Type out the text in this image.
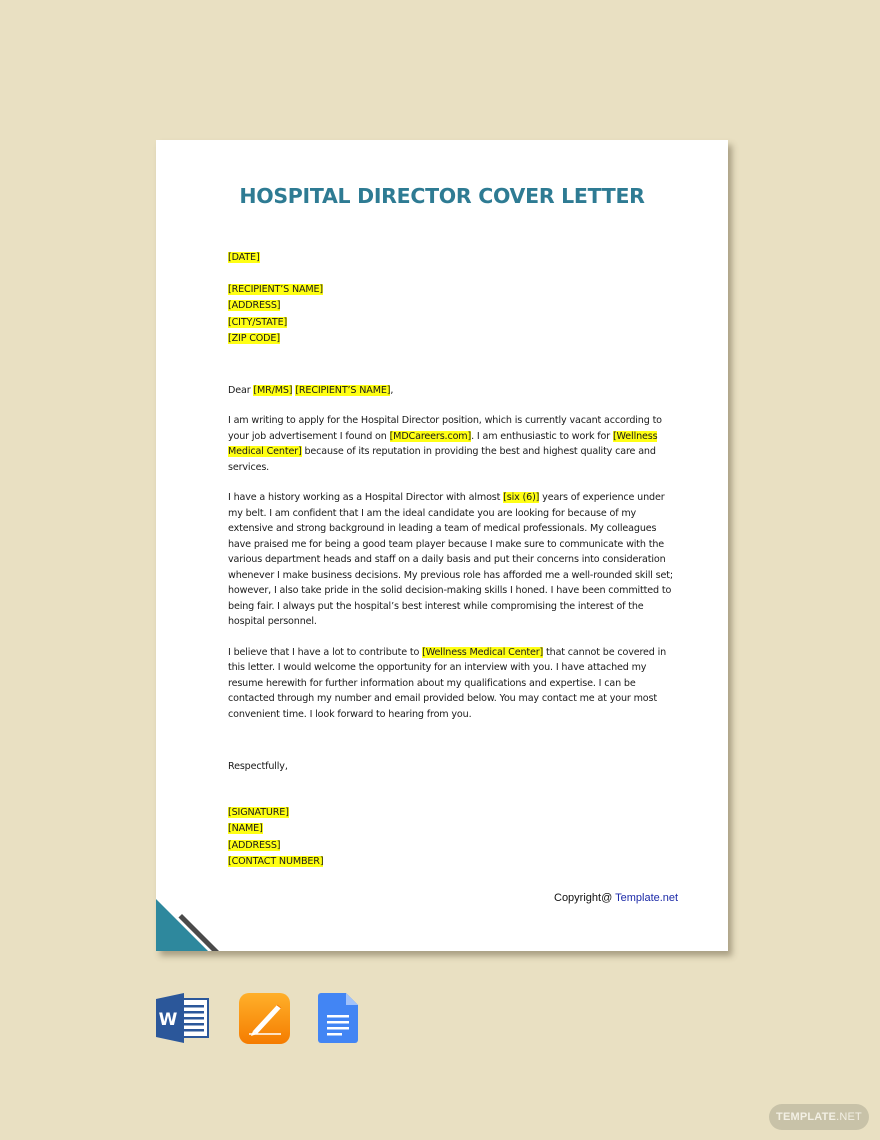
HOSPITAL DIRECTOR COVER LETTER
[DATE]
[RECIPIENT’S NAME]
[ADDRESS]
[CITY/STATE]
[ZIP CODE]

Dear [MR/MS] [RECIPIENT’S NAME],

I am writing to apply for the Hospital Director position, which is currently vacant according to your job advertisement I found on [MDCareers.com]. I am enthusiastic to work for [Wellness Medical Center] because of its reputation in providing the best and highest quality care and services.

I have a history working as a Hospital Director with almost [six (6)] years of experience under my belt. I am confident that I am the ideal candidate you are looking for because of my extensive and strong background in leading a team of medical professionals. My colleagues have praised me for being a good team player because I make sure to communicate with the various department heads and staff on a daily basis and put their concerns into consideration whenever I make business decisions. My previous role has afforded me a well-rounded skill set; however, I also take pride in the solid decision-making skills I honed. I have been committed to being fair. I always put the hospital’s best interest while compromising the interest of the hospital personnel.

I believe that I have a lot to contribute to [Wellness Medical Center] that cannot be covered in this letter. I would welcome the opportunity for an interview with you. I have attached my resume herewith for further information about my qualifications and expertise. I can be contacted through my number and email provided below. You may contact me at your most convenient time. I look forward to hearing from you.

Respectfully,

[SIGNATURE]
[NAME]
[ADDRESS]
[CONTACT NUMBER]
Copyright@ Template.net
W
TEMPLATE.NET
